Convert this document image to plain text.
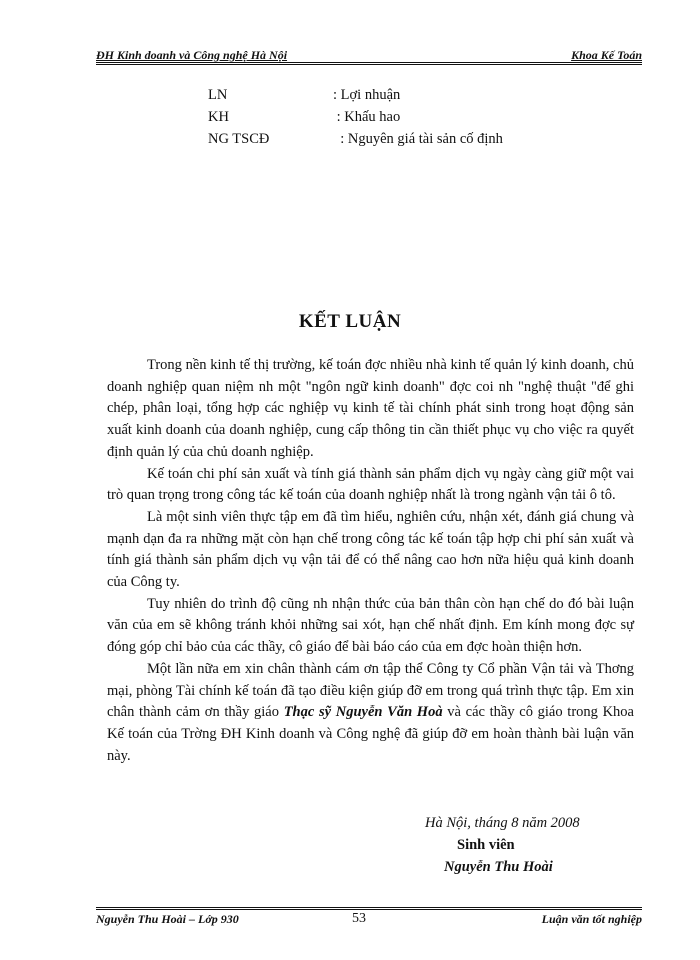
ĐH Kinh doanh và Công nghệ Hà Nội	Khoa Kế Toán
LN	: Lợi nhuận
KH	: Khấu hao
NG TSCĐ	: Nguyên giá tài sản cố định
KẾT LUẬN

Trong nền kinh tế thị trường, kế toán đợc nhiều nhà kinh tế quản lý kinh doanh, chủ doanh nghiệp quan niệm nh một "ngôn ngữ kinh doanh" đợc coi nh "nghệ thuật "để ghi chép, phân loại, tổng hợp các nghiệp vụ kinh tế tài chính phát sinh trong hoạt động sản xuất kinh doanh của doanh nghiệp, cung cấp thông tin cần thiết phục vụ cho việc ra quyết định quản lý của chủ doanh nghiệp.

Kế toán chi phí sản xuất và tính giá thành sản phẩm dịch vụ ngày càng giữ một vai trò quan trọng trong công tác kế toán của doanh nghiệp nhất là trong ngành vận tải ô tô.

Là một sinh viên thực tập em đã tìm hiểu, nghiên cứu, nhận xét, đánh giá chung và mạnh dạn đa ra những mặt còn hạn chế trong công tác kế toán tập hợp chi phí sản xuất và tính giá thành sản phẩm dịch vụ vận tải để có thể nâng cao hơn nữa hiệu quả kinh doanh của Công ty.

Tuy nhiên do trình độ cũng nh nhận thức của bản thân còn hạn chế do đó bài luận văn của em sẽ không tránh khỏi những sai xót, hạn chế nhất định. Em kính mong đợc sự đóng góp chỉ bảo của các thầy, cô giáo để bài báo cáo của em đợc hoàn thiện hơn.

Một lần nữa em xin chân thành cám ơn tập thể Công ty Cổ phần Vận tải và Thơng mại, phòng Tài chính kế toán đã tạo điều kiện giúp đỡ em trong quá trình thực tập. Em xin chân thành cảm ơn thầy giáo Thạc sỹ Nguyễn Văn Hoà và các thầy cô giáo trong Khoa Kế toán của Trờng ĐH Kinh doanh và Công nghệ đã giúp đỡ em hoàn thành bài luận văn này.

Hà Nội, tháng 8 năm 2008
Sinh viên
Nguyễn Thu Hoài
Nguyễn Thu Hoài – Lớp 930	53	Luận văn tốt nghiệp
